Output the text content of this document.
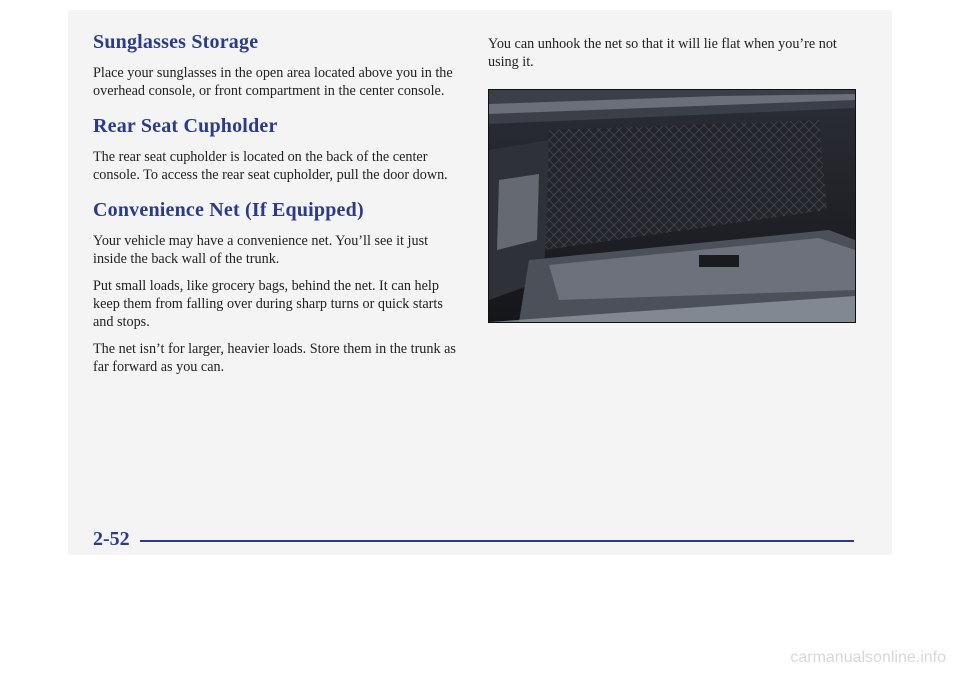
Sunglasses Storage

Place your sunglasses in the open area located above you in the overhead console, or front compartment in the center console.

Rear Seat Cupholder

The rear seat cupholder is located on the back of the center console. To access the rear seat cupholder, pull the door down.

Convenience Net (If Equipped)

Your vehicle may have a convenience net. You’ll see it just inside the back wall of the trunk.

Put small loads, like grocery bags, behind the net. It can help keep them from falling over during sharp turns or quick starts and stops.

The net isn’t for larger, heavier loads. Store them in the trunk as far forward as you can.

You can unhook the net so that it will lie flat when you’re not using it.

2-52
carmanualsonline.info
